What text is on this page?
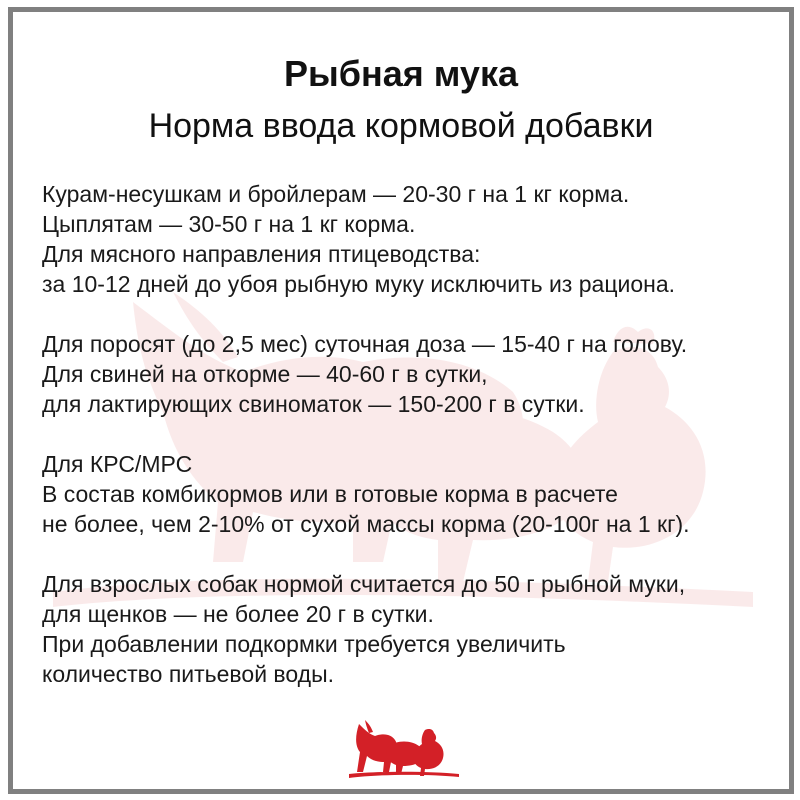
Рыбная мука
Норма ввода кормовой добавки
Курам-несушкам и бройлерам — 20-30 г на 1 кг корма.
Цыплятам — 30-50 г на 1 кг корма.
Для мясного направления птицеводства:
за 10-12 дней до убоя рыбную муку исключить из рациона.
Для поросят (до 2,5 мес) суточная доза — 15-40 г на голову.
Для свиней на откорме — 40-60 г в сутки,
для лактирующих свиноматок — 150-200 г в сутки.
Для КРС/МРС
В состав комбикормов или в готовые корма в расчете
не более, чем 2-10% от сухой массы корма (20-100г на 1 кг).
Для взрослых собак нормой считается до 50 г рыбной муки,
для щенков — не более 20 г в сутки.
При добавлении подкормки требуется увеличить
количество питьевой воды.
